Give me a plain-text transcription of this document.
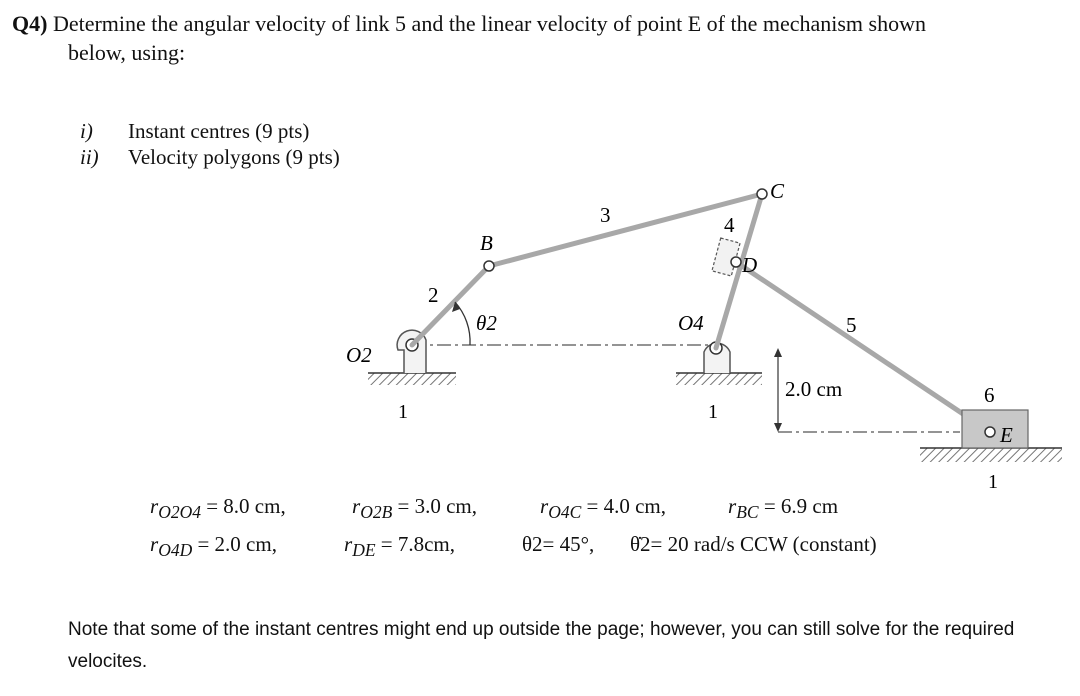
Q4) Determine the angular velocity of link 5 and the linear velocity of point E of the mechanism shown
below, using:
i) Instant centres (9 pts)
ii) Velocity polygons (9 pts)
O2
O4
B
C
D
E
θ2
1	1
1
2
3	4
5
6
2.0 cm
$r_{O2O4} = 8.0$ cm,	$r_{O2B} = 3.0$ cm,	$r_{O4C} = 4.0$ cm,	$r_{BC} = 6.9$ cm
$r_{O4D} = 2.0$ cm,	$r_{DE} = 7.8cm$,	θ2= 45°, θ̇2= 20 rad/s CCW (constant)
Note that some of the instant centres might end up outside the page; however, you can still solve for the required velocites.
